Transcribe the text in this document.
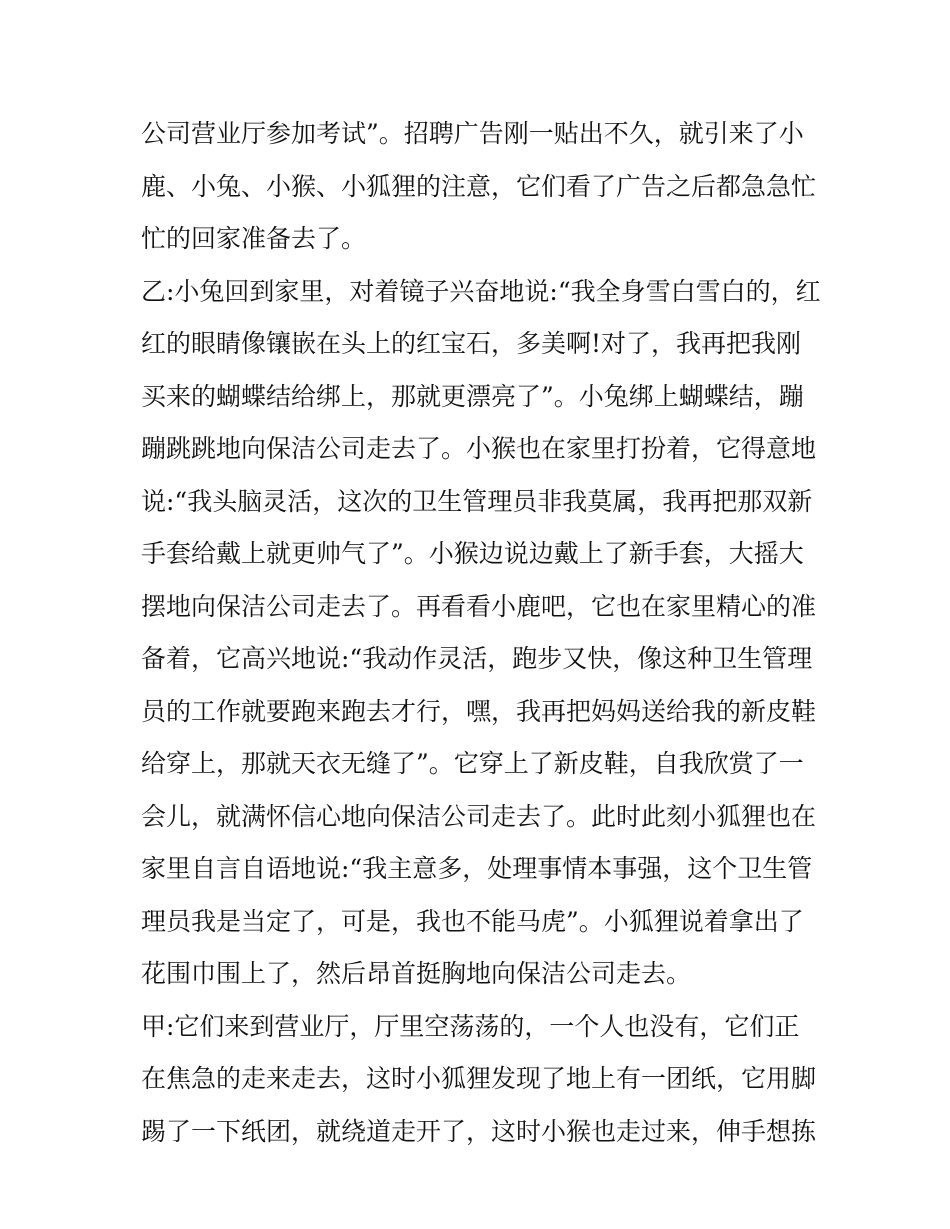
公司营业厅参加考试”。招聘广告刚一贴出不久，就引来了小
鹿、小兔、小猴、小狐狸的注意，它们看了广告之后都急急忙
忙的回家准备去了。
乙:小兔回到家里，对着镜子兴奋地说:“我全身雪白雪白的，红
红的眼睛像镶嵌在头上的红宝石，多美啊!对了，我再把我刚
买来的蝴蝶结给绑上，那就更漂亮了”。小兔绑上蝴蝶结，蹦
蹦跳跳地向保洁公司走去了。小猴也在家里打扮着，它得意地
说:“我头脑灵活，这次的卫生管理员非我莫属，我再把那双新
手套给戴上就更帅气了”。小猴边说边戴上了新手套，大摇大
摆地向保洁公司走去了。再看看小鹿吧，它也在家里精心的准
备着，它高兴地说:“我动作灵活，跑步又快，像这种卫生管理
员的工作就要跑来跑去才行，嘿，我再把妈妈送给我的新皮鞋
给穿上，那就天衣无缝了”。它穿上了新皮鞋，自我欣赏了一
会儿，就满怀信心地向保洁公司走去了。此时此刻小狐狸也在
家里自言自语地说:“我主意多，处理事情本事强，这个卫生管
理员我是当定了，可是，我也不能马虎”。小狐狸说着拿出了
花围巾围上了，然后昂首挺胸地向保洁公司走去。
甲:它们来到营业厅，厅里空荡荡的，一个人也没有，它们正
在焦急的走来走去，这时小狐狸发现了地上有一团纸，它用脚
踢了一下纸团，就绕道走开了，这时小猴也走过来，伸手想拣
